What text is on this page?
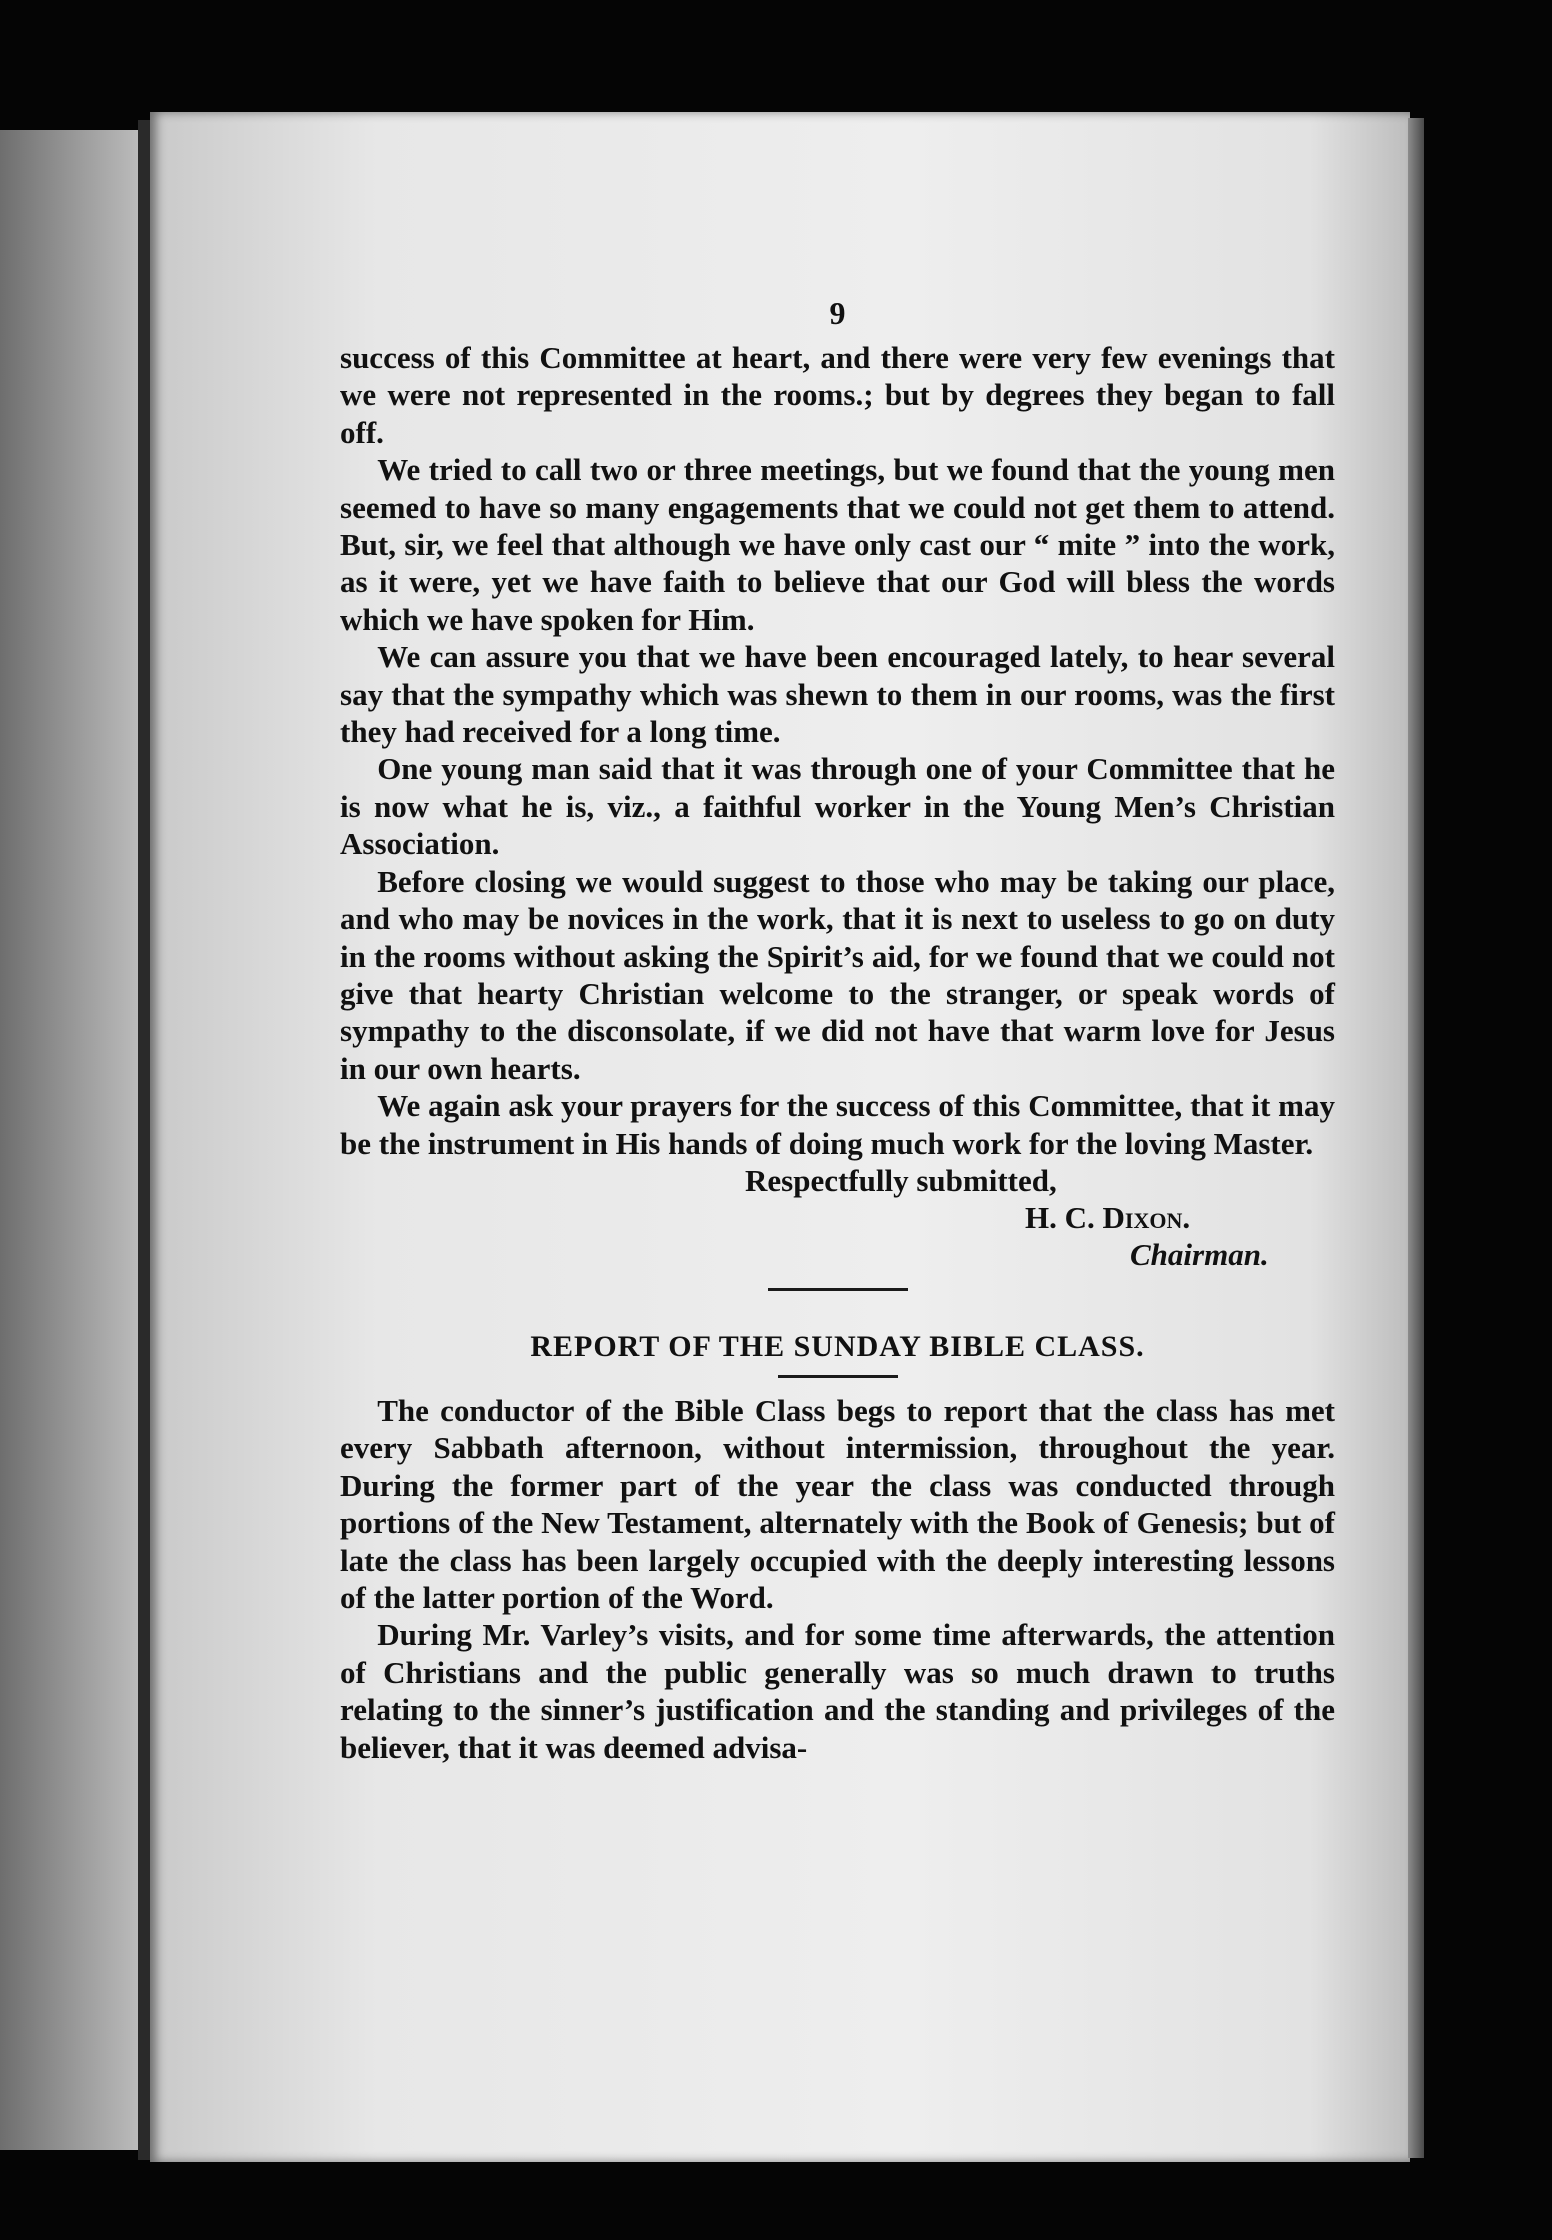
9

success of this Committee at heart, and there were very few evenings that we were not represented in the rooms.; but by degrees they began to fall off.

We tried to call two or three meetings, but we found that the young men seemed to have so many engagements that we could not get them to attend. But, sir, we feel that although we have only cast our “ mite ” into the work, as it were, yet we have faith to believe that our God will bless the words which we have spoken for Him.

We can assure you that we have been encouraged lately, to hear several say that the sympathy which was shewn to them in our rooms, was the first they had received for a long time.

One young man said that it was through one of your Committee that he is now what he is, viz., a faithful worker in the Young Men’s Christian Association.

Before closing we would suggest to those who may be taking our place, and who may be novices in the work, that it is next to useless to go on duty in the rooms without asking the Spirit’s aid, for we found that we could not give that hearty Christian welcome to the stranger, or speak words of sympathy to the disconsolate, if we did not have that warm love for Jesus in our own hearts.

We again ask your prayers for the success of this Committee, that it may be the instrument in His hands of doing much work for the loving Master.

Respectfully submitted,
H. C. Dixon.
Chairman.
REPORT OF THE SUNDAY BIBLE CLASS.

The conductor of the Bible Class begs to report that the class has met every Sabbath afternoon, without intermission, throughout the year. During the former part of the year the class was conducted through portions of the New Testament, alternately with the Book of Genesis; but of late the class has been largely occupied with the deeply interesting lessons of the latter portion of the Word.

During Mr. Varley’s visits, and for some time afterwards, the attention of Christians and the public generally was so much drawn to truths relating to the sinner’s justification and the standing and privileges of the believer, that it was deemed advisa-
